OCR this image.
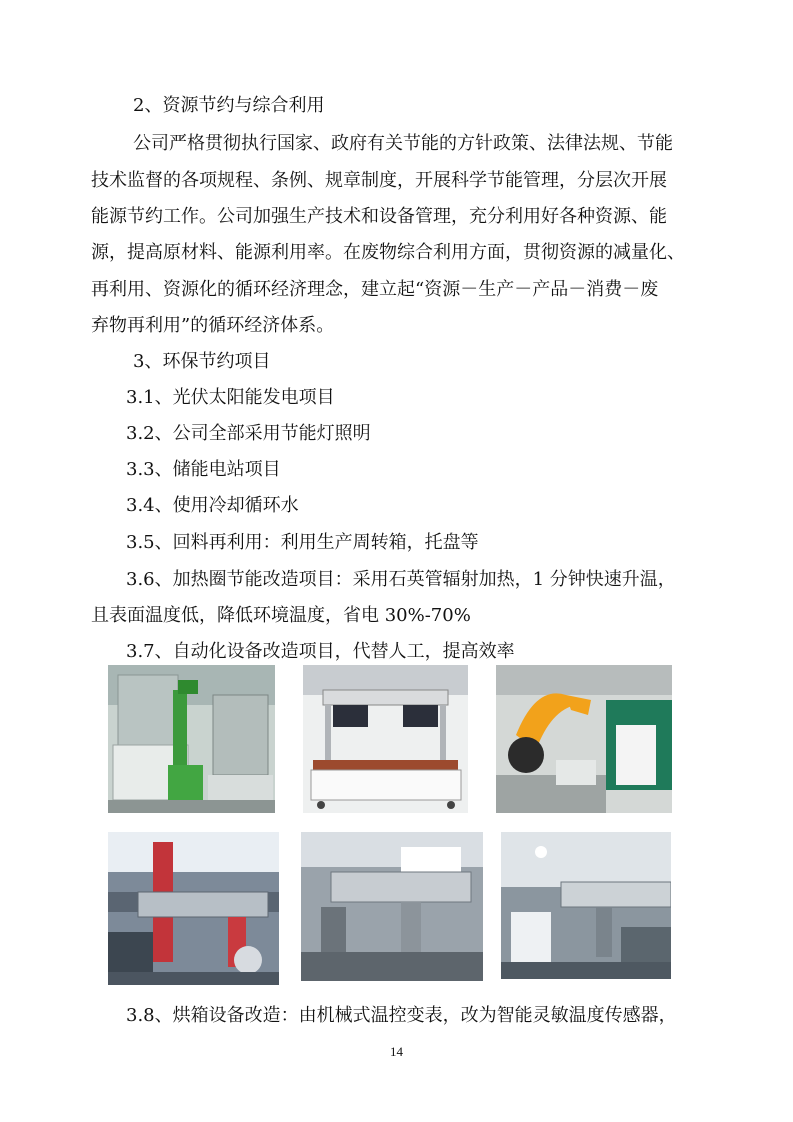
2、资源节约与综合利用
公司严格贯彻执行国家、政府有关节能的方针政策、法律法规、节能
技术监督的各项规程、条例、规章制度，开展科学节能管理，分层次开展
能源节约工作。公司加强生产技术和设备管理，充分利用好各种资源、能
源，提高原材料、能源利用率。在废物综合利用方面，贯彻资源的减量化、
再利用、资源化的循环经济理念，建立起“资源－生产－产品－消费－废
弃物再利用”的循环经济体系。
3、环保节约项目
3.1、光伏太阳能发电项目
3.2、公司全部采用节能灯照明
3.3、储能电站项目
3.4、使用冷却循环水
3.5、回料再利用：利用生产周转箱，托盘等
3.6、加热圈节能改造项目：采用石英管辐射加热，1 分钟快速升温，
且表面温度低，降低环境温度，省电 30%-70%
3.7、自动化设备改造项目，代替人工，提高效率
3.8、烘箱设备改造：由机械式温控变表，改为智能灵敏温度传感器，
14
